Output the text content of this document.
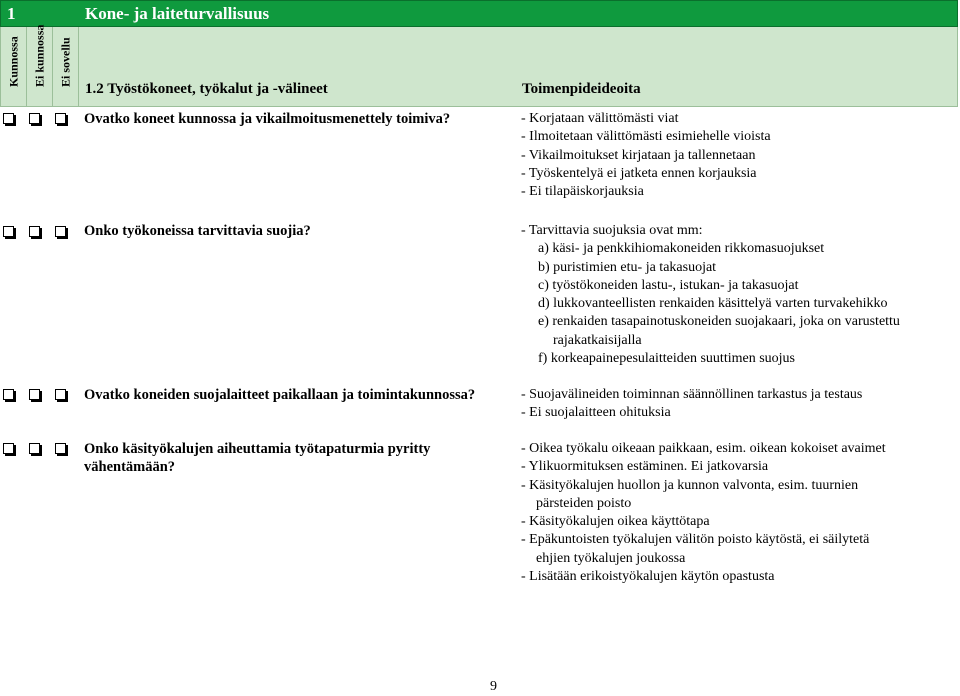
1	Kone- ja laiteturvallisuus
Kunnossa Ei kunnossa Ei sovellu
1.2 Työstökoneet, työkalut ja -välineet	Toimenpideideoita
Ovatko koneet kunnossa ja vikailmoitusmenettely toimiva?	- Korjataan välittömästi viat
- Ilmoitetaan välittömästi esimiehelle vioista
- Vikailmoitukset kirjataan ja tallennetaan
- Työskentelyä ei jatketa ennen korjauksia
- Ei tilapäiskorjauksia
Onko työkoneissa tarvittavia suojia?	- Tarvittavia suojuksia ovat mm:
a) käsi- ja penkkihiomakoneiden rikkomasuojukset
b) puristimien etu- ja takasuojat
c) työstökoneiden lastu-, istukan- ja takasuojat
d) lukkovanteellisten renkaiden käsittelyä varten turvakehikko
e) renkaiden tasapainotuskoneiden suojakaari, joka on varustettu
rajakatkaisijalla
f) korkeapainepesulaitteiden suuttimen suojus
Ovatko koneiden suojalaitteet paikallaan ja toimintakunnossa?	- Suojavälineiden toiminnan säännöllinen tarkastus ja testaus
- Ei suojalaitteen ohituksia
Onko käsityökalujen aiheuttamia työtapaturmia pyritty vähentämään?
- Oikea työkalu oikeaan paikkaan, esim. oikean kokoiset avaimet
- Ylikuormituksen estäminen. Ei jatkovarsia
- Käsityökalujen huollon ja kunnon valvonta, esim. tuurnien
pärsteiden poisto
- Käsityökalujen oikea käyttötapa
- Epäkuntoisten työkalujen välitön poisto käytöstä, ei säilytetä
ehjien työkalujen joukossa
- Lisätään erikoistyökalujen käytön opastusta
9
